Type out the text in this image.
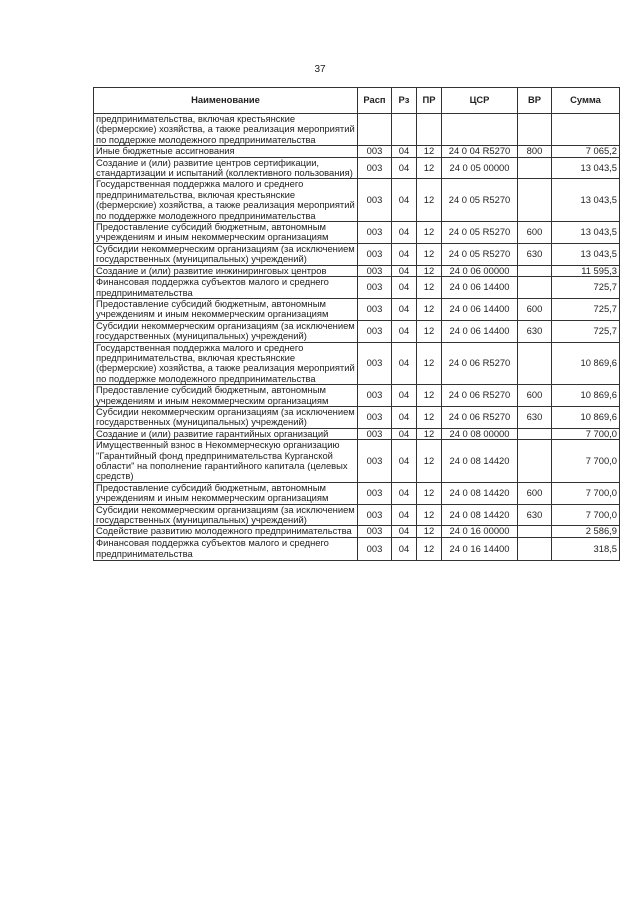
37
Наименование	Расп	Рз	ПР	ЦСР	ВР	Сумма
предпринимательства, включая крестьянские (фермерские) хозяйства, а также реализация мероприятий по поддержке молодежного предпринимательства						
Иные бюджетные ассигнования	003	04	12	24 0 04 R5270	800	7 065,2
Создание и (или) развитие центров сертификации, стандартизации и испытаний (коллективного пользования)	003	04	12	24 0 05 00000		13 043,5
Государственная поддержка малого и среднего предпринимательства, включая крестьянские (фермерские) хозяйства, а также реализация мероприятий по поддержке молодежного предпринимательства	003	04	12	24 0 05 R5270		13 043,5
Предоставление субсидий бюджетным, автономным учреждениям и иным некоммерческим организациям	003	04	12	24 0 05 R5270	600	13 043,5
Субсидии некоммерческим организациям (за исключением государственных (муниципальных) учреждений)	003	04	12	24 0 05 R5270	630	13 043,5
Создание и (или) развитие инжиниринговых центров	003	04	12	24 0 06 00000		11 595,3
Финансовая поддержка субъектов малого и среднего предпринимательства	003	04	12	24 0 06 14400		725,7
Предоставление субсидий бюджетным, автономным учреждениям и иным некоммерческим организациям	003	04	12	24 0 06 14400	600	725,7
Субсидии некоммерческим организациям (за исключением государственных (муниципальных) учреждений)	003	04	12	24 0 06 14400	630	725,7
Государственная поддержка малого и среднего предпринимательства, включая крестьянские (фермерские) хозяйства, а также реализация мероприятий по поддержке молодежного предпринимательства	003	04	12	24 0 06 R5270		10 869,6
Предоставление субсидий бюджетным, автономным учреждениям и иным некоммерческим организациям	003	04	12	24 0 06 R5270	600	10 869,6
Субсидии некоммерческим организациям (за исключением государственных (муниципальных) учреждений)	003	04	12	24 0 06 R5270	630	10 869,6
Создание и (или) развитие гарантийных организаций	003	04	12	24 0 08 00000		7 700,0
Имущественный взнос в Некоммерческую организацию "Гарантийный фонд предпринимательства Курганской области" на пополнение гарантийного капитала (целевых средств)	003	04	12	24 0 08 14420		7 700,0
Предоставление субсидий бюджетным, автономным учреждениям и иным некоммерческим организациям	003	04	12	24 0 08 14420	600	7 700,0
Субсидии некоммерческим организациям (за исключением государственных (муниципальных) учреждений)	003	04	12	24 0 08 14420	630	7 700,0
Содействие развитию молодежного предпринимательства	003	04	12	24 0 16 00000		2 586,9
Финансовая поддержка субъектов малого и среднего предпринимательства	003	04	12	24 0 16 14400		318,5
